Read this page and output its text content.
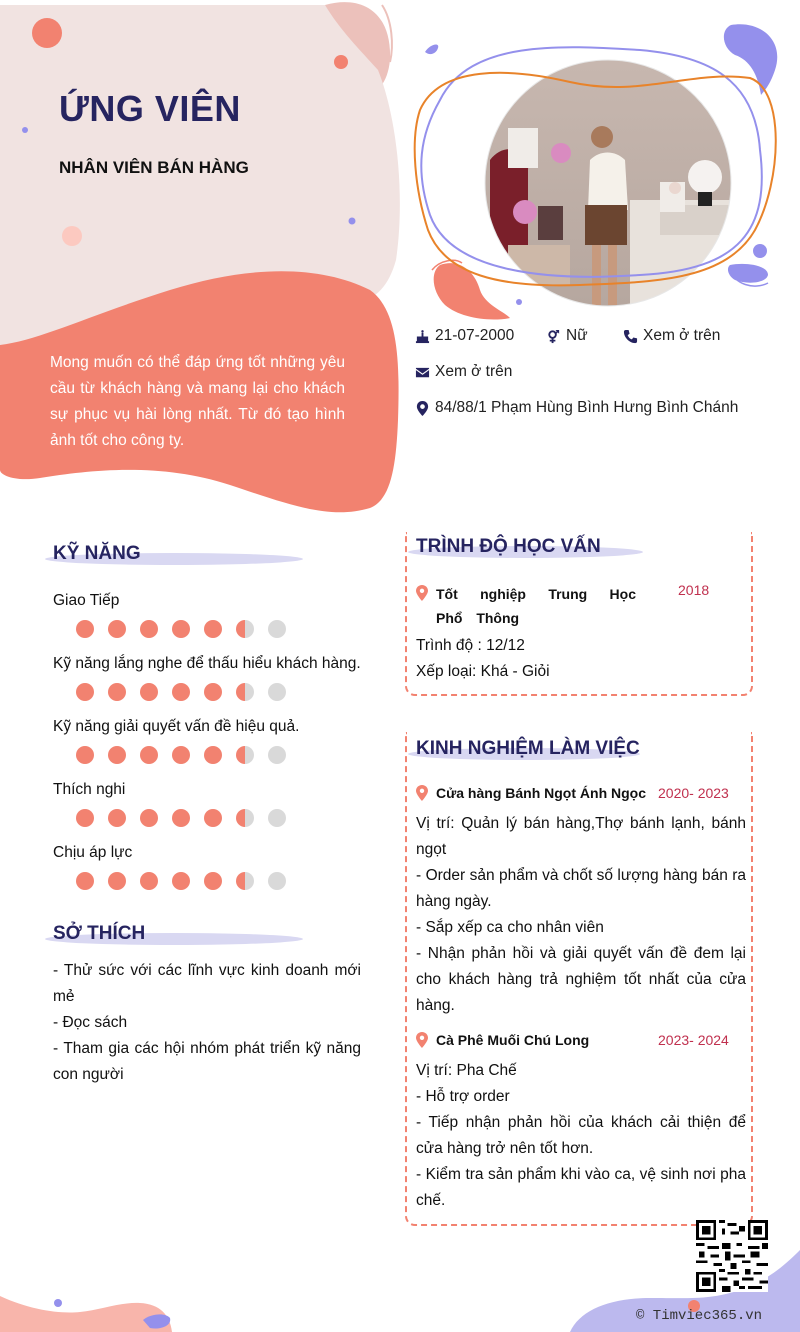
ỨNG VIÊN
NHÂN VIÊN BÁN HÀNG
Mong muốn có thể đáp ứng tốt những yêu cầu từ khách hàng và mang lại cho khách sự phục vụ hài lòng nhất. Từ đó tạo hình ảnh tốt cho công ty.
21-07-2000	Nữ	Xem ở trên
Xem ở trên
84/88/1 Phạm Hùng Bình Hưng Bình Chánh
KỸ NĂNG
Giao Tiếp
Kỹ năng lắng nghe để thấu hiểu khách hàng.
Kỹ năng giải quyết vấn đề hiệu quả.
Thích nghi
Chịu áp lực
SỞ THÍCH
- Thử sức với các lĩnh vực kinh doanh mới mẻ
- Đọc sách
- Tham gia các hội nhóm phát triển kỹ năng con người
TRÌNH ĐỘ HỌC VẤN
Tốt nghiệp Trung Học Phổ Thông
2018
Trình độ : 12/12
Xếp loại: Khá - Giỏi
KINH NGHIỆM LÀM VIỆC
Cửa hàng Bánh Ngọt Ánh Ngọc 2020- 2023
Vị trí: Quản lý bán hàng,Thợ bánh lạnh, bánh ngọt
- Order sản phẩm và chốt số lượng hàng bán ra hàng ngày.
- Sắp xếp ca cho nhân viên
- Nhận phản hồi và giải quyết vấn đề đem lại cho khách hàng trả nghiệm tốt nhất của cửa hàng.
Cà Phê Muối Chú Long	2023- 2024
Vị trí: Pha Chế
- Hỗ trợ order
- Tiếp nhận phản hồi của khách cải thiện để cửa hàng trở nên tốt hơn.
- Kiểm tra sản phẩm khi vào ca, vệ sinh nơi pha chế.
© Timviec365.vn
